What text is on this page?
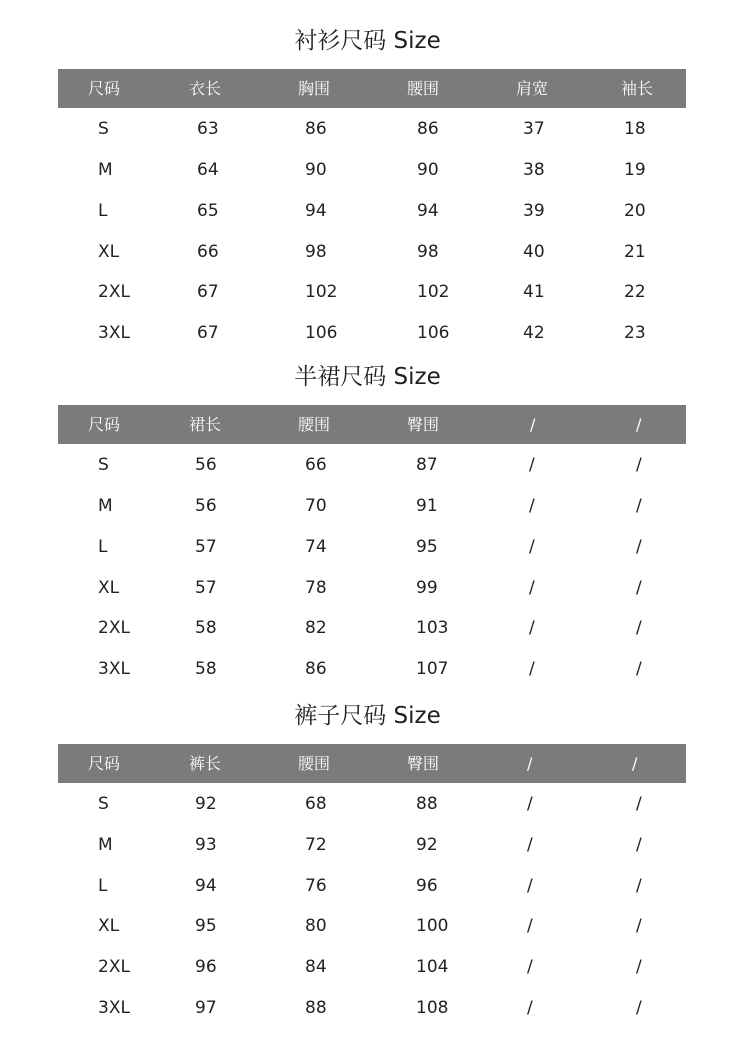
衬衫尺码 Size
尺码	衣长	胸围	腰围	肩宽	袖长
S	63	86	86	37	18
M	64	90	90	38	19
L	65	94	94	39	20
XL	66	98	98	40	21
2XL	67	102	102	41	22
3XL	67	106	106	42	23
半裙尺码 Size
尺码	裙长	腰围	臀围	/	/
S	56	66	87	/	/
M	56	70	91	/	/
L	57	74	95	/	/
XL	57	78	99	/	/
2XL	58	82	103	/	/
3XL	58	86	107	/	/
裤子尺码 Size
尺码	裤长	腰围	臀围	/	/
S	92	68	88	/	/
M	93	72	92	/	/
L	94	76	96	/	/
XL	95	80	100	/	/
2XL	96	84	104	/	/
3XL	97	88	108	/	/
